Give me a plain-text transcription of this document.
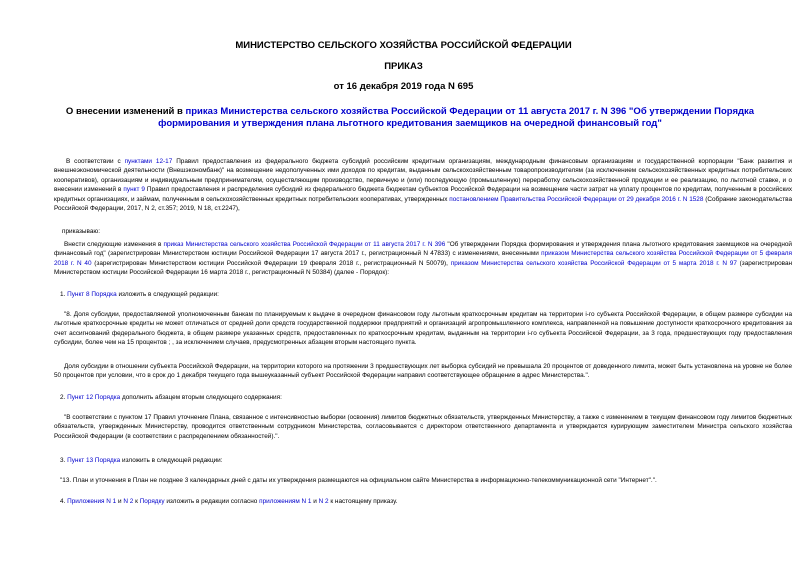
МИНИСТЕРСТВО СЕЛЬСКОГО ХОЗЯЙСТВА РОССИЙСКОЙ ФЕДЕРАЦИИ
ПРИКАЗ
от 16 декабря 2019 года N 695
О внесении изменений в приказ Министерства сельского хозяйства Российской Федерации от 11 августа 2017 г. N 396 "Об утверждении Порядка формирования и утверждения плана льготного кредитования заемщиков на очередной финансовый год"

В соответствии с пунктами 12-17 Правил предоставления из федерального бюджета субсидий российским кредитным организациям, международным финансовым организациям и государственной корпорации "Банк развития и внешнеэкономической деятельности (Внешэкономбанк)" на возмещение недополученных ими доходов по кредитам, выданным сельскохозяйственным товаропроизводителям (за исключением сельскохозяйственных кредитных потребительских кооперативов), организациям и индивидуальным предпринимателям, осуществляющим производство, первичную и (или) последующую (промышленную) переработку сельскохозяйственной продукции и ее реализацию, по льготной ставке, и о внесении изменений в пункт 9 Правил предоставления и распределения субсидий из федерального бюджета бюджетам субъектов Российской Федерации на возмещение части затрат на уплату процентов по кредитам, полученным в российских кредитных организациях, и займам, полученным в сельскохозяйственных кредитных потребительских кооперативах, утвержденных постановлением Правительства Российской Федерации от 29 декабря 2016 г. N 1528 (Собрание законодательства Российской Федерации, 2017, N 2, ст.357; 2019, N 18, ст.2247),

приказываю:

Внести следующие изменения в приказ Министерства сельского хозяйства Российской Федерации от 11 августа 2017 г. N 396 "Об утверждении Порядка формирования и утверждения плана льготного кредитования заемщиков на очередной финансовый год" (зарегистрирован Министерством юстиции Российской Федерации 17 августа 2017 г., регистрационный N 47833) с изменениями, внесенными приказом Министерства сельского хозяйства Российской Федерации от 5 февраля 2018 г. N 40 (зарегистрирован Министерством юстиции Российской Федерации 19 февраля 2018 г., регистрационный N 50079), приказом Министерства сельского хозяйства Российской Федерации от 5 марта 2018 г. N 97 (зарегистрирован Министерством юстиции Российской Федерации 16 марта 2018 г., регистрационный N 50384) (далее - Порядок):

1. Пункт 8 Порядка изложить в следующей редакции:

"8. Доля субсидии, предоставляемой уполномоченным банкам по планируемым к выдаче в очередном финансовом году льготным краткосрочным кредитам на территории i-го субъекта Российской Федерации, в общем размере субсидии на льготные краткосрочные кредиты не может отличаться от средней доли средств государственной поддержки предприятий и организаций агропромышленного комплекса, направленной на повышение доступности краткосрочного кредитования за счет ассигнований федерального бюджета, в общем размере указанных средств, предоставленных по краткосрочным кредитам, выданным на территории i-го субъекта Российской Федерации, за 3 года, предшествующих году предоставления субсидии, более чем на 15 процентов ; , за исключением случаев, предусмотренных абзацем вторым настоящего пункта.

Доля субсидии в отношении субъекта Российской Федерации, на территории которого на протяжении 3 предшествующих лет выборка субсидий не превышала 20 процентов от доведенного лимита, может быть установлена на уровне не более 50 процентов при условии, что в срок до 1 декабря текущего года вышеуказанный субъект Российской Федерации направил соответствующее обращение в адрес Министерства.".

2. Пункт 12 Порядка дополнить абзацем вторым следующего содержания:

"В соответствии с пунктом 17 Правил уточнение Плана, связанное с интенсивностью выборки (освоения) лимитов бюджетных обязательств, утвержденных Министерству, а также с изменением в текущем финансовом году лимитов бюджетных обязательств, утвержденных Министерству, проводится ответственным сотрудником Министерства, согласовывается с директором ответственного департамента и утверждается курирующим заместителем Министра сельского хозяйства Российской Федерации (в соответствии с распределением обязанностей).".

3. Пункт 13 Порядка изложить в следующей редакции:

"13. План и уточнения в План не позднее 3 календарных дней с даты их утверждения размещаются на официальном сайте Министерства в информационно-телекоммуникационной сети "Интернет".".

4. Приложения N 1 и N 2 к Порядку изложить в редакции согласно приложениям N 1 и N 2 к настоящему приказу.
